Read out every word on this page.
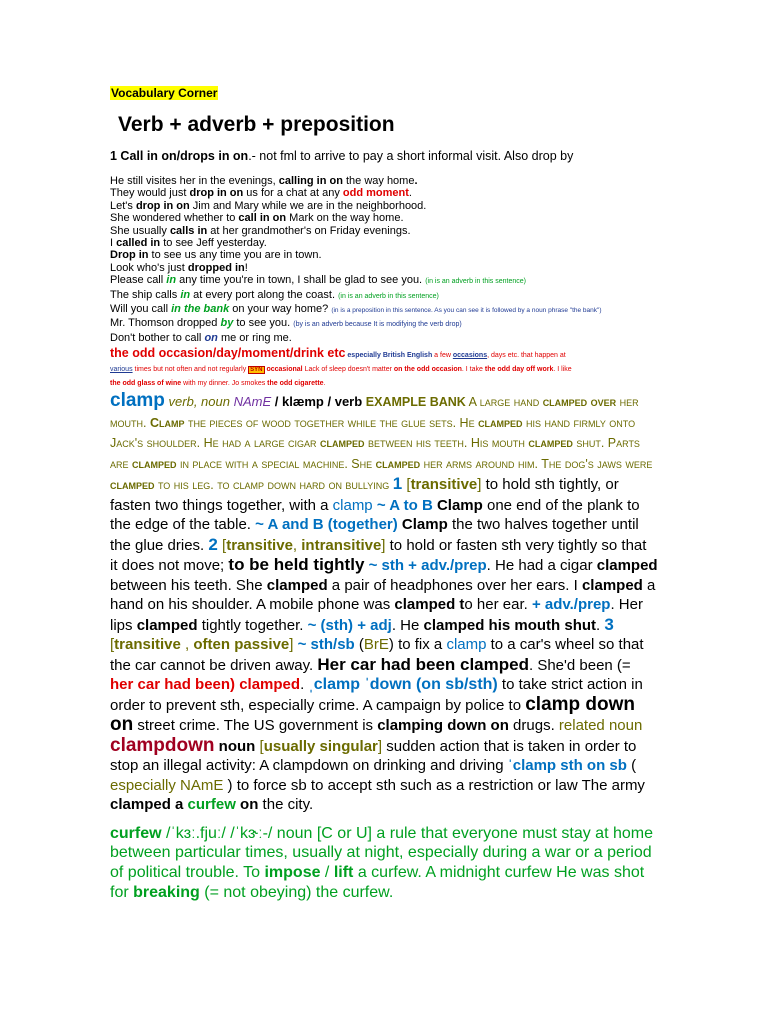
Vocabulary Corner
Verb + adverb + preposition
1 Call in on/drops in on.- not fml to arrive to pay a short informal visit. Also drop by
He still visites her in the evenings, calling in on the way home.
They would just drop in on us for a chat at any odd moment.
Let's drop in on Jim and Mary while we are in the neighborhood.
She wondered whether to call in on Mark on the way home.
She usually calls in at her grandmother's on Friday evenings.
I called in to see Jeff yesterday.
Drop in to see us any time you are in town.
Look who's just dropped in!
Please call in any time you're in town, I shall be glad to see you. (in is an adverb in this sentence)
The ship calls in at every port along the coast. (in is an adverb in this sentence)
Will you call in the bank on your way home? (in is a preposition in this sentence. As you can see it is followed by a noun phrase "the bank")
Mr. Thomson dropped by to see you. (by is an adverb because It is modifying the verb drop)
Don't bother to call on me or ring me.
the odd occasion/day/moment/drink etc especially British English a few occasions, days etc. that happen at
various times but not often and not regularly SYN occasional Lack of sleep doesn't matter on the odd occasion. I take the odd day off work. I like
the odd glass of wine with my dinner. Jo smokes the odd cigarette.
clamp verb, noun NAmE / klæmp / verb EXAMPLE BANK A large hand clamped over her mouth. Clamp the pieces of wood together while the glue sets. He clamped his hand firmly onto Jack's shoulder. He had a large cigar clamped between his teeth. His mouth clamped shut. Parts are clamped in place with a special machine. She clamped her arms around him. The dog's jaws were clamped to his leg. to clamp down hard on bullying 1 [transitive] to hold sth tightly, or fasten two things together, with a clamp ~ A to B Clamp one end of the plank to the edge of the table. ~ A and B (together) Clamp the two halves together until the glue dries. 2 [transitive, intransitive] to hold or fasten sth very tightly so that it does not move; to be held tightly ~ sth + adv./prep. He had a cigar clamped between his teeth. She clamped a pair of headphones over her ears. I clamped a hand on his shoulder. A mobile phone was clamped to her ear. + adv./prep. Her lips clamped tightly together. ~ (sth) + adj. He clamped his mouth shut. 3 [transitive , often passive] ~ sth/sb (BrE) to fix a clamp to a car's wheel so that the car cannot be driven away. Her car had been clamped. She'd been (= her car had been) clamped. ˌclamp ˈdown (on sb/sth) to take strict action in order to prevent sth, especially crime. A campaign by police to clamp down on street crime. The US government is clamping down on drugs. related noun
clampdown noun [usually singular] sudden action that is taken in order to stop an illegal activity: A clampdown on drinking and driving ˈclamp sth on sb ( especially NAmE ) to force sb to accept sth such as a restriction or law The army clamped a curfew on the city.
curfew /ˈkɜː.fjuː/ /ˈkɝː-/ noun [C or U] a rule that everyone must stay at home between particular times, usually at night, especially during a war or a period of political trouble. To impose / lift a curfew. A midnight curfew He was shot for breaking (= not obeying) the curfew.
